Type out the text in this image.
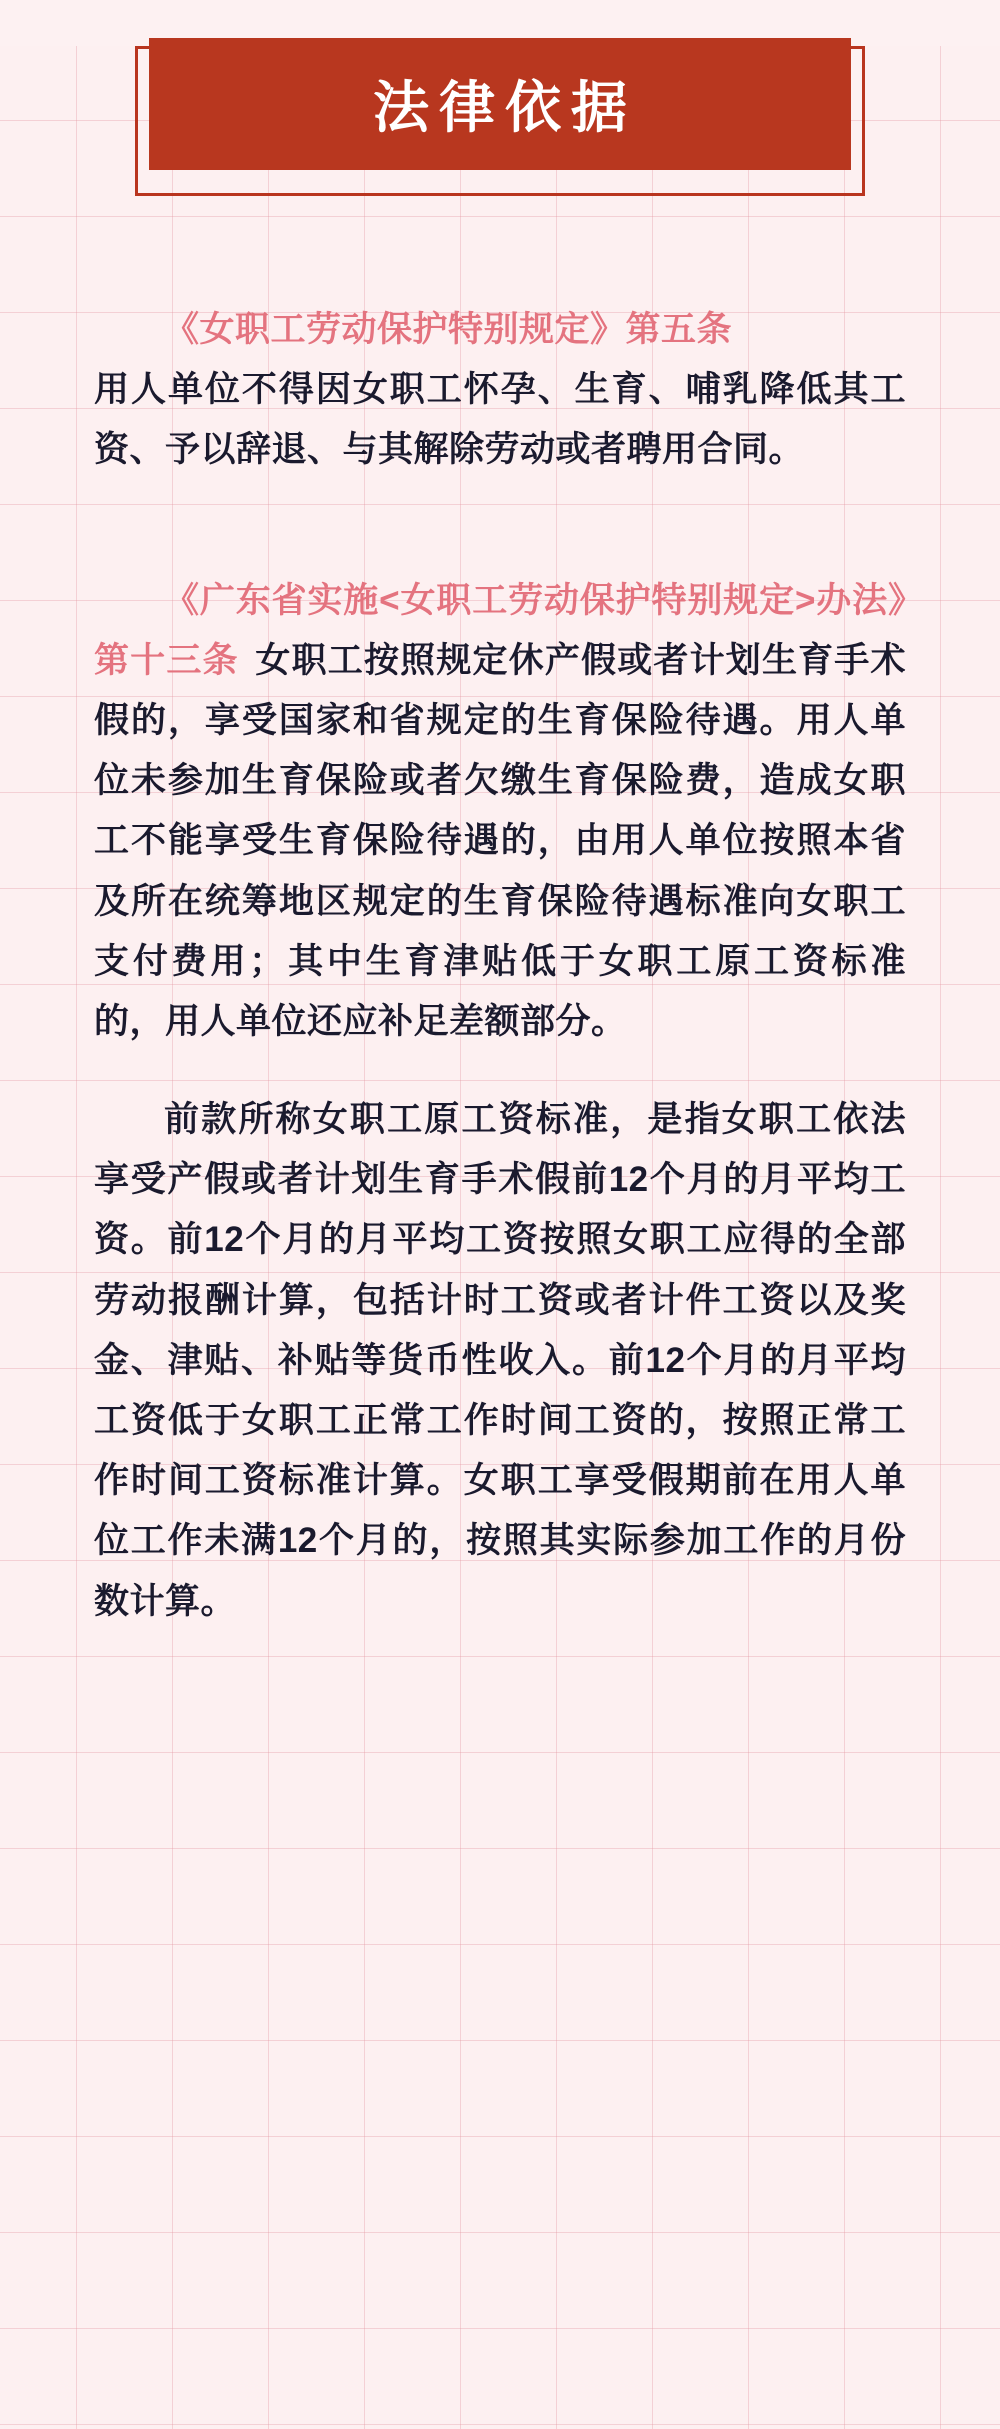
法律依据

《女职工劳动保护特别规定》第五条
用人单位不得因女职工怀孕、生育、哺乳降低其工资、予以辞退、与其解除劳动或者聘用合同。

《广东省实施<女职工劳动保护特别规定>办法》第十三条 女职工按照规定休产假或者计划生育手术假的，享受国家和省规定的生育保险待遇。用人单位未参加生育保险或者欠缴生育保险费，造成女职工不能享受生育保险待遇的，由用人单位按照本省及所在统筹地区规定的生育保险待遇标准向女职工支付费用；其中生育津贴低于女职工原工资标准的，用人单位还应补足差额部分。

前款所称女职工原工资标准，是指女职工依法享受产假或者计划生育手术假前12个月的月平均工资。前12个月的月平均工资按照女职工应得的全部劳动报酬计算，包括计时工资或者计件工资以及奖金、津贴、补贴等货币性收入。前12个月的月平均工资低于女职工正常工作时间工资的，按照正常工作时间工资标准计算。女职工享受假期前在用人单位工作未满12个月的，按照其实际参加工作的月份数计算。
